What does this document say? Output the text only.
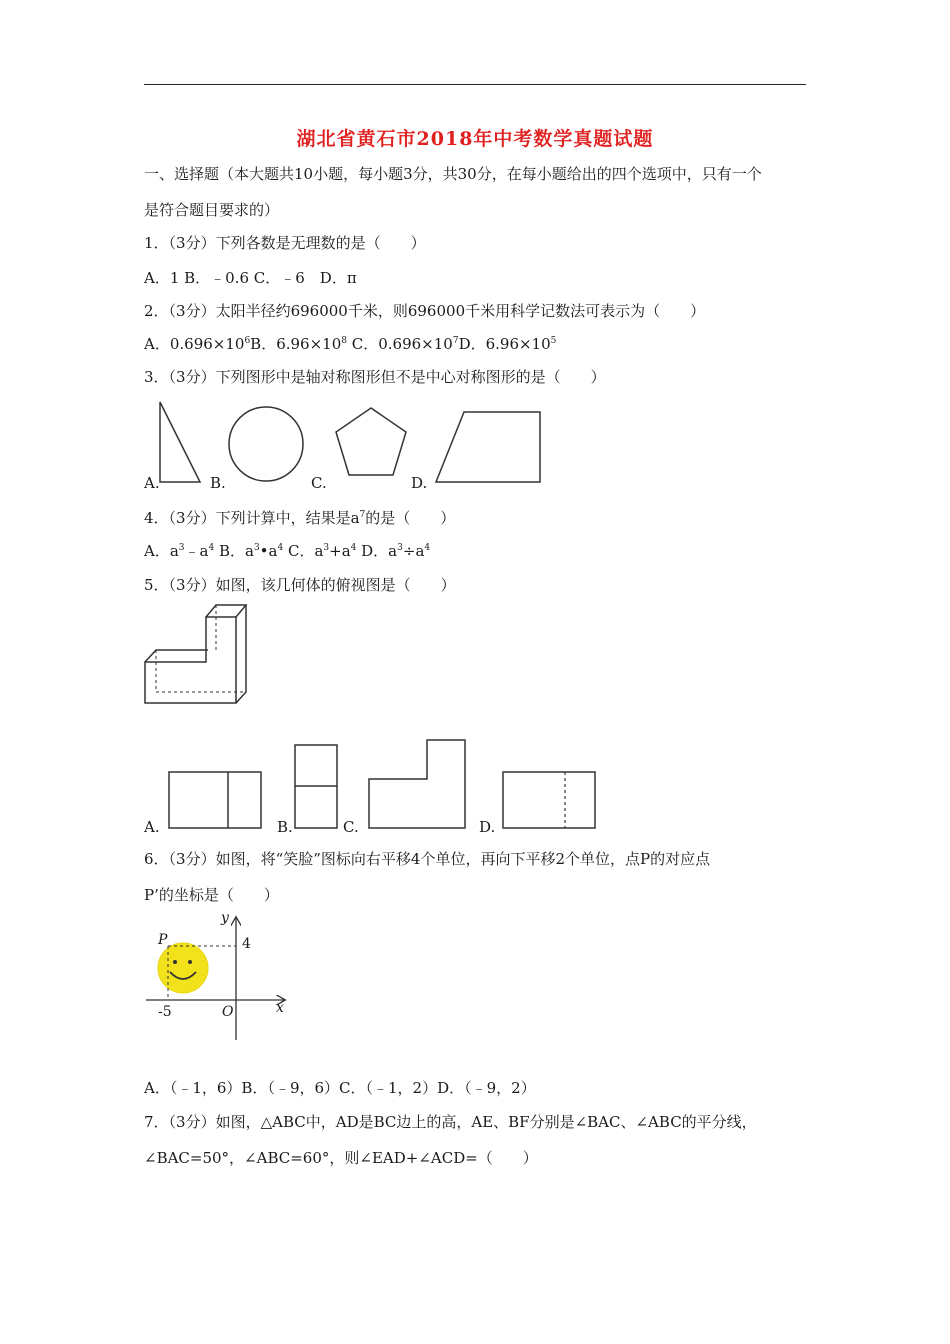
湖北省黄石市2018年中考数学真题试题
一、选择题（本大题共10小题，每小题3分，共30分，在每小题给出的四个选项中，只有一个
是符合题目要求的）
1．（3分）下列各数是无理数的是（　　）
A．1 B．﹣0.6 C．﹣6　D．π
2．（3分）太阳半径约696000千米，则696000千米用科学记数法可表示为（　　）
A．$0.696\times 10^6B$．$6.96\times 10^8$ C．$0.696\times 10^7D$．$6.96\times 10^5$
3．（3分）下列图形中是轴对称图形但不是中心对称图形的是（　　）
A.	B.	C.	D.
4．（3分）下列计算中，结果是$a^7$的是（　　）
A．$a^3﹣a^4$ B．$a^3•a^4$ C．$a^3+a^4$ D．$a^3\div a^4$
5．（3分）如图，该几何体的俯视图是（　　）
A.	B.	C.	D.
6．（3分）如图，将“笑脸”图标向右平移4个单位，再向下平移2个单位，点P的对应点
P’的坐标是（　　）
y
x
O
P	4
-5
A．（﹣1，6）B．（﹣9，6）C．（﹣1，2）D．（﹣9，2）
7．（3分）如图，△ABC中，AD是BC边上的高，AE、BF分别是∠BAC、∠ABC的平分线，
∠BAC=50°，∠ABC=60°，则∠EAD+∠ACD=（　　）
